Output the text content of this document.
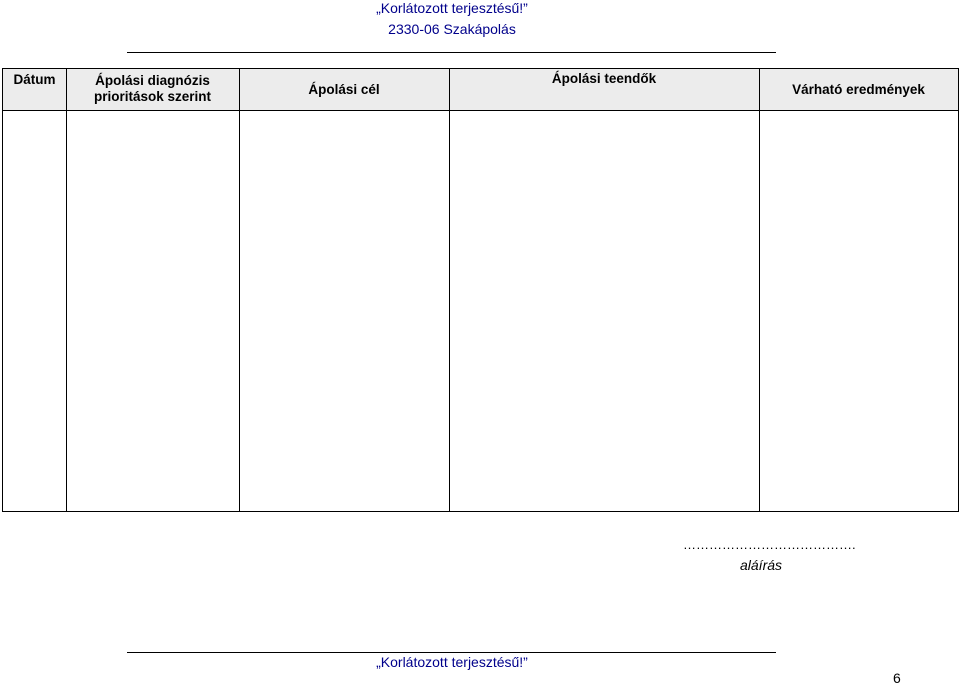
„Korlátozott terjesztésű!”
2330-06 Szakápolás
Dátum	Ápolási diagnózis
prioritások szerint	Ápolási cél
Ápolási teendők
Várható eredmények
………………………………….
aláírás
„Korlátozott terjesztésű!”
6
